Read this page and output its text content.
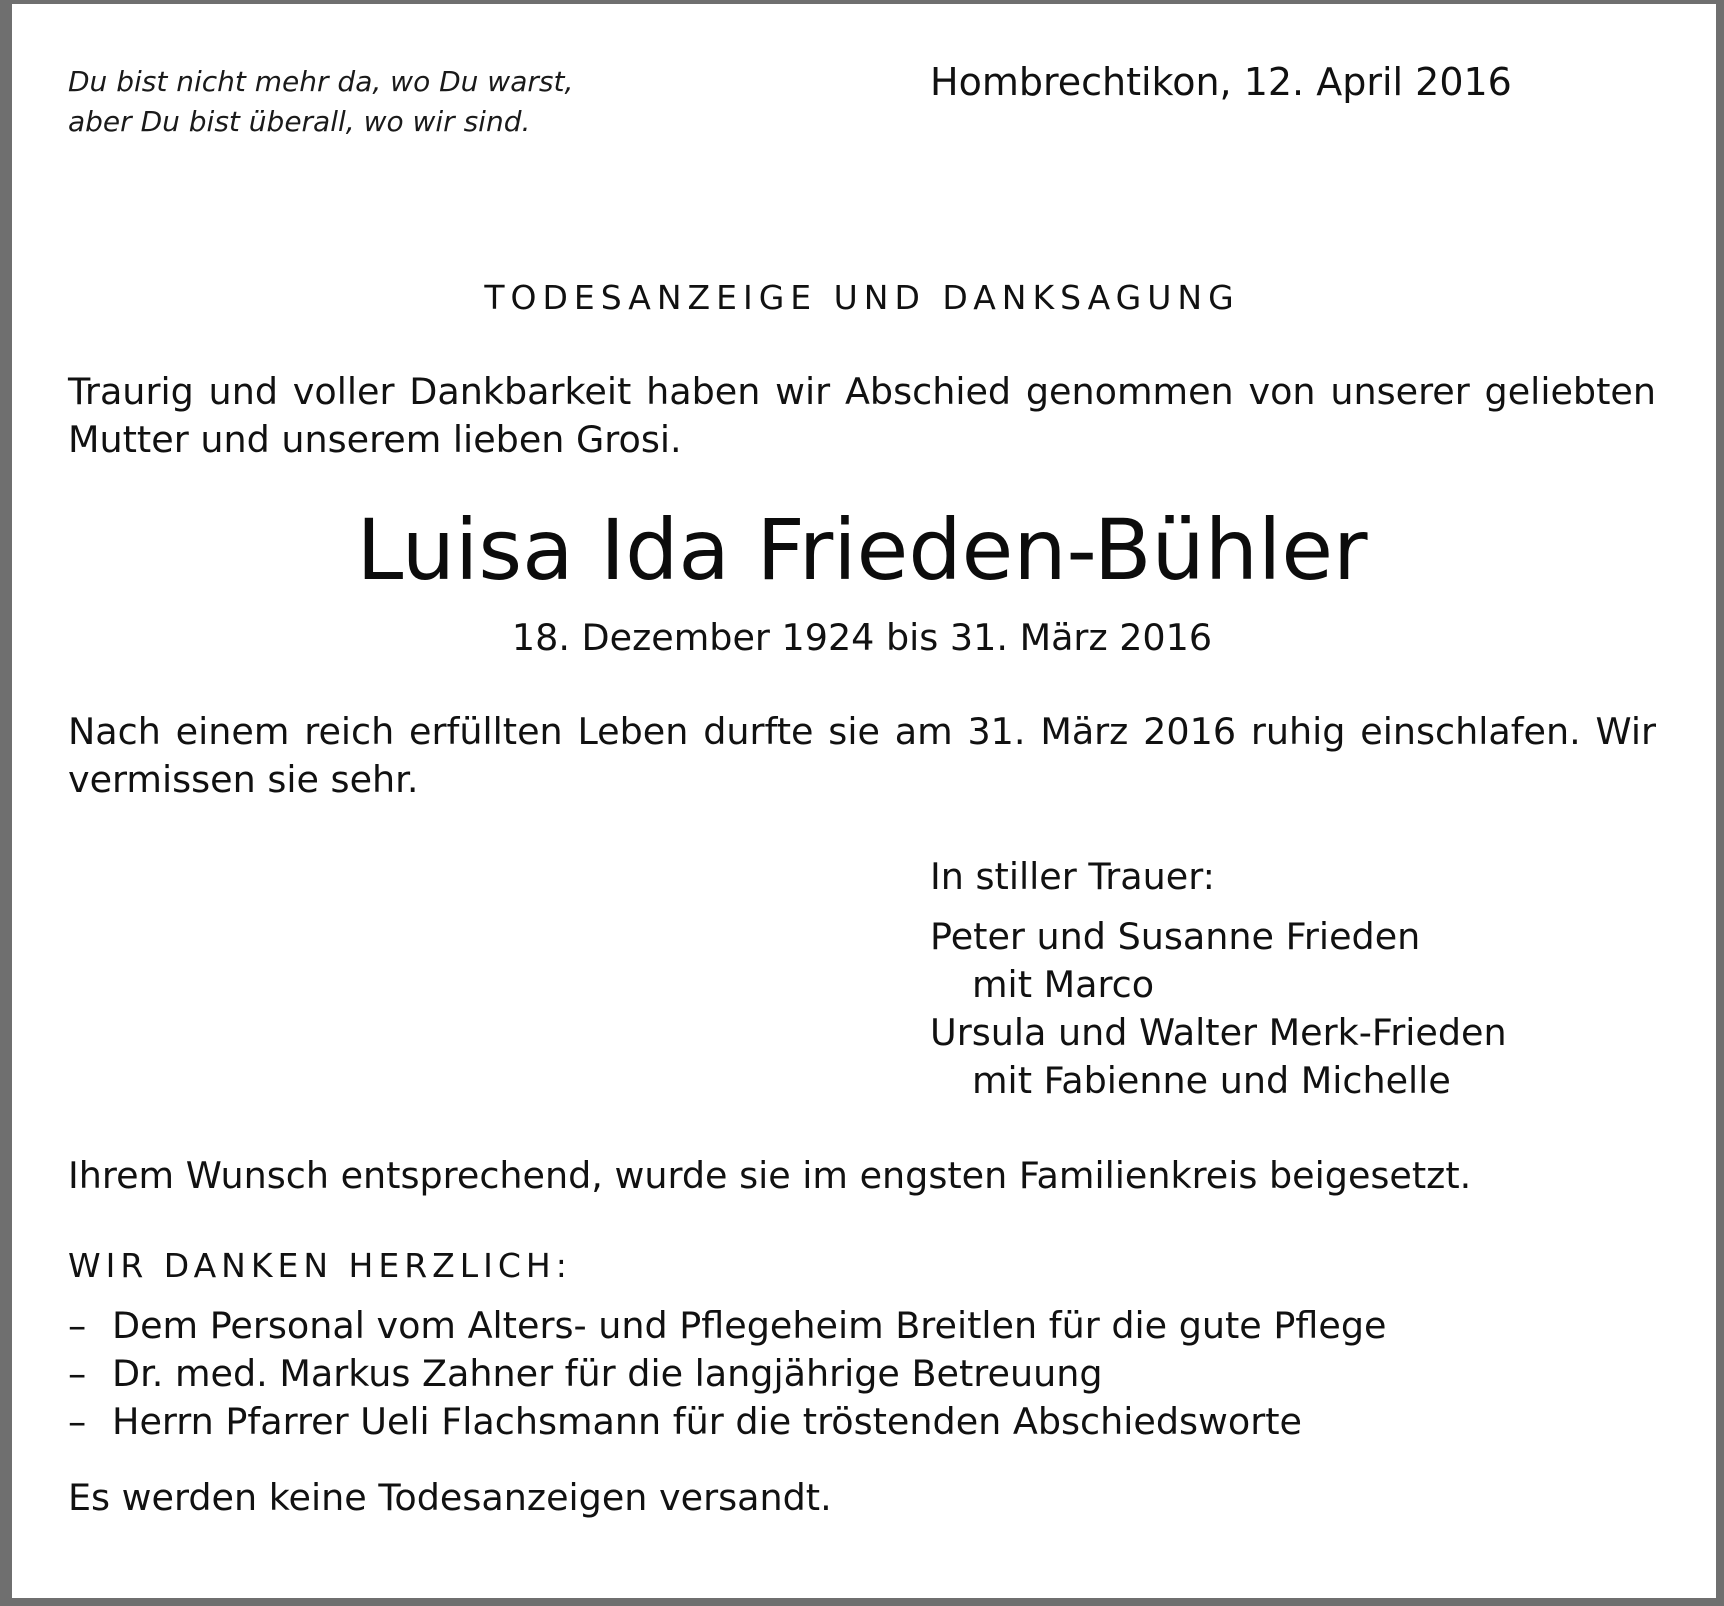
Du bist nicht mehr da, wo Du warst,
aber Du bist überall, wo wir sind.

Hombrechtikon, 12. April 2016

TODESANZEIGE UND DANKSAGUNG

Traurig und voller Dankbarkeit haben wir Abschied genommen von unserer geliebten Mutter und unserem lieben Grosi.

Luisa Ida Frieden-Bühler

18. Dezember 1924 bis 31. März 2016

Nach einem reich erfüllten Leben durfte sie am 31. März 2016 ruhig einschlafen. Wir vermissen sie sehr.

In stiller Trauer:

Peter und Susanne Frieden

mit Marco

Ursula und Walter Merk-Frieden

mit Fabienne und Michelle

Ihrem Wunsch entsprechend, wurde sie im engsten Familienkreis beigesetzt.

WIR DANKEN HERZLICH:
– Dem Personal vom Alters- und Pflegeheim Breitlen für die gute Pflege
– Dr. med. Markus Zahner für die langjährige Betreuung
– Herrn Pfarrer Ueli Flachsmann für die tröstenden Abschiedsworte

Es werden keine Todesanzeigen versandt.
